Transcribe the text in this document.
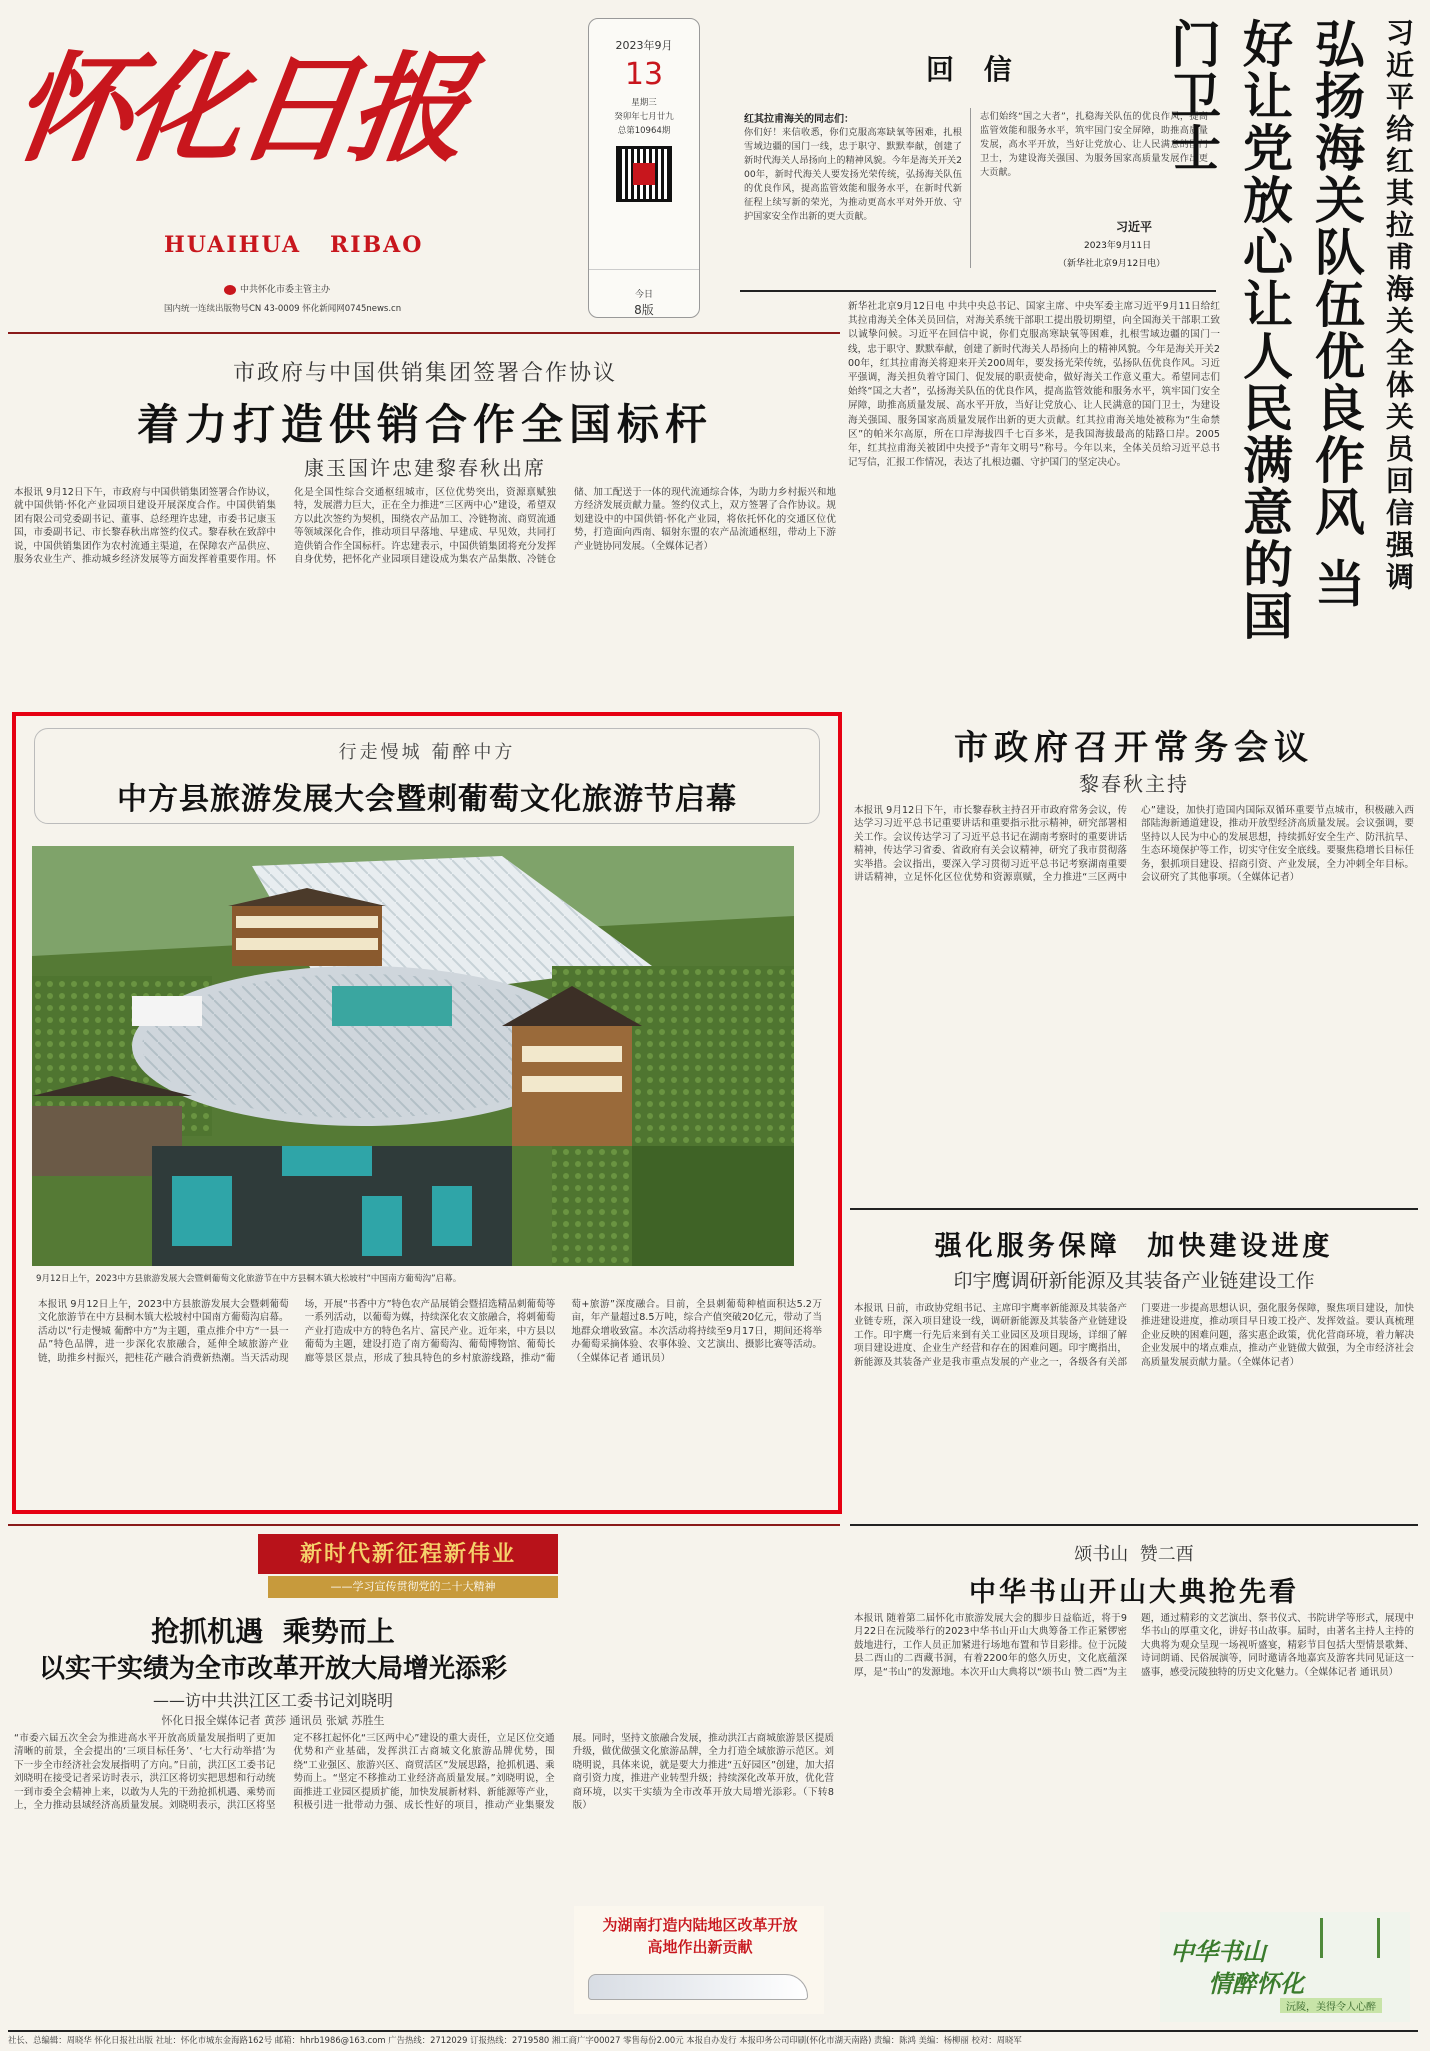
怀化日报
HUAIHUA   RIBAO
中共怀化市委主管主办
国内统一连续出版物号CN 43-0009 怀化新闻网0745news.cn
2023年9月
13
星期三
癸卯年七月廿九
总第10964期
今日
8版
回 信
红其拉甫海关的同志们：
你们好！来信收悉，你们克服高寒缺氧等困难，扎根雪域边疆的国门一线，忠于职守、默默奉献，创建了新时代海关人昂扬向上的精神风貌。今年是海关开关200年，新时代海关人要发扬光荣传统，弘扬海关队伍的优良作风，提高监管效能和服务水平，在新时代新征程上续写新的荣光，为推动更高水平对外开放、守护国家安全作出新的更大贡献。
志们始终“国之大者”，扎稳海关队伍的优良作风，提高监管效能和服务水平，筑牢国门安全屏障，助推高质量发展，高水平开放，当好让党放心、让人民满意的国门卫士，为建设海关强国、为服务国家高质量发展作出更大贡献。
习近平
2023年9月11日
（新华社北京9月12日电）
新华社北京9月12日电 中共中央总书记、国家主席、中央军委主席习近平9月11日给红其拉甫海关全体关员回信，对海关系统干部职工提出殷切期望，向全国海关干部职工致以诚挚问候。习近平在回信中说，你们克服高寒缺氧等困难，扎根雪域边疆的国门一线，忠于职守、默默奉献，创建了新时代海关人昂扬向上的精神风貌。今年是海关开关200年，红其拉甫海关将迎来开关200周年，要发扬光荣传统，弘扬队伍优良作风。习近平强调，海关担负着守国门、促发展的职责使命，做好海关工作意义重大。希望同志们始终“国之大者”，弘扬海关队伍的优良作风，提高监管效能和服务水平，筑牢国门安全屏障，助推高质量发展、高水平开放，当好让党放心、让人民满意的国门卫士，为建设海关强国、服务国家高质量发展作出新的更大贡献。红其拉甫海关地处被称为“生命禁区”的帕米尔高原，所在口岸海拔四千七百多米，是我国海拔最高的陆路口岸。2005年，红其拉甫海关被团中央授予“青年文明号”称号。今年以来，全体关员给习近平总书记写信，汇报工作情况，表达了扎根边疆、守护国门的坚定决心。	习近平给红其拉甫海关全体关员回信强调
弘扬海关队伍优良作风 当好让党放心让人民满意的国门卫士
市政府与中国供销集团签署合作协议
着力打造供销合作全国标杆
康玉国许忠建黎春秋出席
本报讯 9月12日下午，市政府与中国供销集团签署合作协议，就中国供销·怀化产业园项目建设开展深度合作。中国供销集团有限公司党委副书记、董事、总经理许忠建，市委书记康玉国，市委副书记、市长黎春秋出席签约仪式。黎春秋在致辞中说，中国供销集团作为农村流通主渠道，在保障农产品供应、服务农业生产、推动城乡经济发展等方面发挥着重要作用。怀化是全国性综合交通枢纽城市，区位优势突出，资源禀赋独特，发展潜力巨大，正在全力推进“三区两中心”建设，希望双方以此次签约为契机，围绕农产品加工、冷链物流、商贸流通等领域深化合作，推动项目早落地、早建成、早见效，共同打造供销合作全国标杆。许忠建表示，中国供销集团将充分发挥自身优势，把怀化产业园项目建设成为集农产品集散、冷链仓储、加工配送于一体的现代流通综合体，为助力乡村振兴和地方经济发展贡献力量。签约仪式上，双方签署了合作协议。规划建设中的中国供销·怀化产业园，将依托怀化的交通区位优势，打造面向西南、辐射东盟的农产品流通枢纽，带动上下游产业链协同发展。（全媒体记者）
行走慢城 葡醉中方
中方县旅游发展大会暨刺葡萄文化旅游节启幕
9月12日上午，2023中方县旅游发展大会暨刺葡萄文化旅游节在中方县桐木镇大松坡村“中国南方葡萄沟”启幕。
本报讯 9月12日上午，2023中方县旅游发展大会暨刺葡萄文化旅游节在中方县桐木镇大松坡村中国南方葡萄沟启幕。活动以“行走慢城 葡醉中方”为主题，重点推介中方“一县一品”特色品牌，进一步深化农旅融合，延伸全域旅游产业链，助推乡村振兴，把桂花产融合消费新热潮。当天活动现场，开展“书香中方”特色农产品展销会暨招选精品刺葡萄等一系列活动，以葡萄为媒，持续深化农文旅融合，将刺葡萄产业打造成中方的特色名片、富民产业。近年来，中方县以葡萄为主题，建设打造了南方葡萄沟、葡萄博物馆、葡萄长廊等景区景点，形成了独具特色的乡村旅游线路，推动“葡萄+旅游”深度融合。目前，全县刺葡萄种植面积达5.2万亩，年产量超过8.5万吨，综合产值突破20亿元，带动了当地群众增收致富。本次活动将持续至9月17日，期间还将举办葡萄采摘体验、农事体验、文艺演出、摄影比赛等活动。（全媒体记者 通讯员）
市政府召开常务会议
黎春秋主持
本报讯 9月12日下午，市长黎春秋主持召开市政府常务会议，传达学习习近平总书记重要讲话和重要指示批示精神，研究部署相关工作。会议传达学习了习近平总书记在湖南考察时的重要讲话精神，传达学习省委、省政府有关会议精神，研究了我市贯彻落实举措。会议指出，要深入学习贯彻习近平总书记考察湖南重要讲话精神，立足怀化区位优势和资源禀赋，全力推进“三区两中心”建设，加快打造国内国际双循环重要节点城市，积极融入西部陆海新通道建设，推动开放型经济高质量发展。会议强调，要坚持以人民为中心的发展思想，持续抓好安全生产、防汛抗旱、生态环境保护等工作，切实守住安全底线。要聚焦稳增长目标任务，狠抓项目建设、招商引资、产业发展，全力冲刺全年目标。会议研究了其他事项。（全媒体记者）
强化服务保障  加快建设进度
印宇鹰调研新能源及其装备产业链建设工作
本报讯 日前，市政协党组书记、主席印宇鹰率新能源及其装备产业链专班，深入项目建设一线，调研新能源及其装备产业链建设工作。印宇鹰一行先后来到有关工业园区及项目现场，详细了解项目建设进度、企业生产经营和存在的困难问题。印宇鹰指出，新能源及其装备产业是我市重点发展的产业之一，各级各有关部门要进一步提高思想认识，强化服务保障，聚焦项目建设，加快推进建设进度，推动项目早日竣工投产、发挥效益。要认真梳理企业反映的困难问题，落实惠企政策，优化营商环境，着力解决企业发展中的堵点难点，推动产业链做大做强，为全市经济社会高质量发展贡献力量。（全媒体记者）
新时代新征程新伟业
——学习宣传贯彻党的二十大精神
抢抓机遇  乘势而上
以实干实绩为全市改革开放大局增光添彩
——访中共洪江区工委书记刘晓明
怀化日报全媒体记者 黄莎 通讯员 张斌 苏胜生
“市委六届五次全会为推进高水平开放高质量发展指明了更加清晰的前景，全会提出的‘三项目标任务’、‘七大行动举措’为下一步全市经济社会发展指明了方向。”日前，洪江区工委书记刘晓明在接受记者采访时表示，洪江区将切实把思想和行动统一到市委全会精神上来，以敢为人先的干劲抢抓机遇、乘势而上，全力推动县域经济高质量发展。刘晓明表示，洪江区将坚定不移扛起怀化“三区两中心”建设的重大责任，立足区位交通优势和产业基础，发挥洪江古商城文化旅游品牌优势，围绕“工业强区、旅游兴区、商贸活区”发展思路，抢抓机遇、乘势而上。“坚定不移推动工业经济高质量发展。”刘晓明说，全面推进工业园区提质扩能，加快发展新材料、新能源等产业，积极引进一批带动力强、成长性好的项目，推动产业集聚发展。同时，坚持文旅融合发展，推动洪江古商城旅游景区提质升级，做优做强文化旅游品牌，全力打造全域旅游示范区。刘晓明说，具体来说，就是要大力推进“五好园区”创建，加大招商引资力度，推进产业转型升级；持续深化改革开放，优化营商环境，以实干实绩为全市改革开放大局增光添彩。（下转8版）
为湖南打造内陆地区改革开放高地作出新贡献
颂书山  赞二酉
中华书山开山大典抢先看
本报讯 随着第二届怀化市旅游发展大会的脚步日益临近，将于9月22日在沅陵举行的2023中华书山开山大典筹备工作正紧锣密鼓地进行，工作人员正加紧进行场地布置和节目彩排。位于沅陵县二酉山的二酉藏书洞，有着2200年的悠久历史，文化底蕴深厚，是“书山”的发源地。本次开山大典将以“颂书山 赞二酉”为主题，通过精彩的文艺演出、祭书仪式、书院讲学等形式，展现中华书山的厚重文化，讲好书山故事。届时，由著名主持人主持的大典将为观众呈现一场视听盛宴，精彩节目包括大型情景歌舞、诗词朗诵、民俗展演等，同时邀请各地嘉宾及游客共同见证这一盛事，感受沅陵独特的历史文化魅力。（全媒体记者 通讯员）
中华书山
情醉怀化
沅陵，美得令人心醉
社长、总编辑：周晓华 怀化日报社出版 社址：怀化市城东金海路162号 邮箱：hhrb1986@163.com 广告热线：2712029 订报热线：2719580 湘工商广字00027 零售每份2.00元 本报自办发行 本报印务公司印刷(怀化市湖天南路) 责编：陈鸿 美编：杨柳丽 校对：周晓军
